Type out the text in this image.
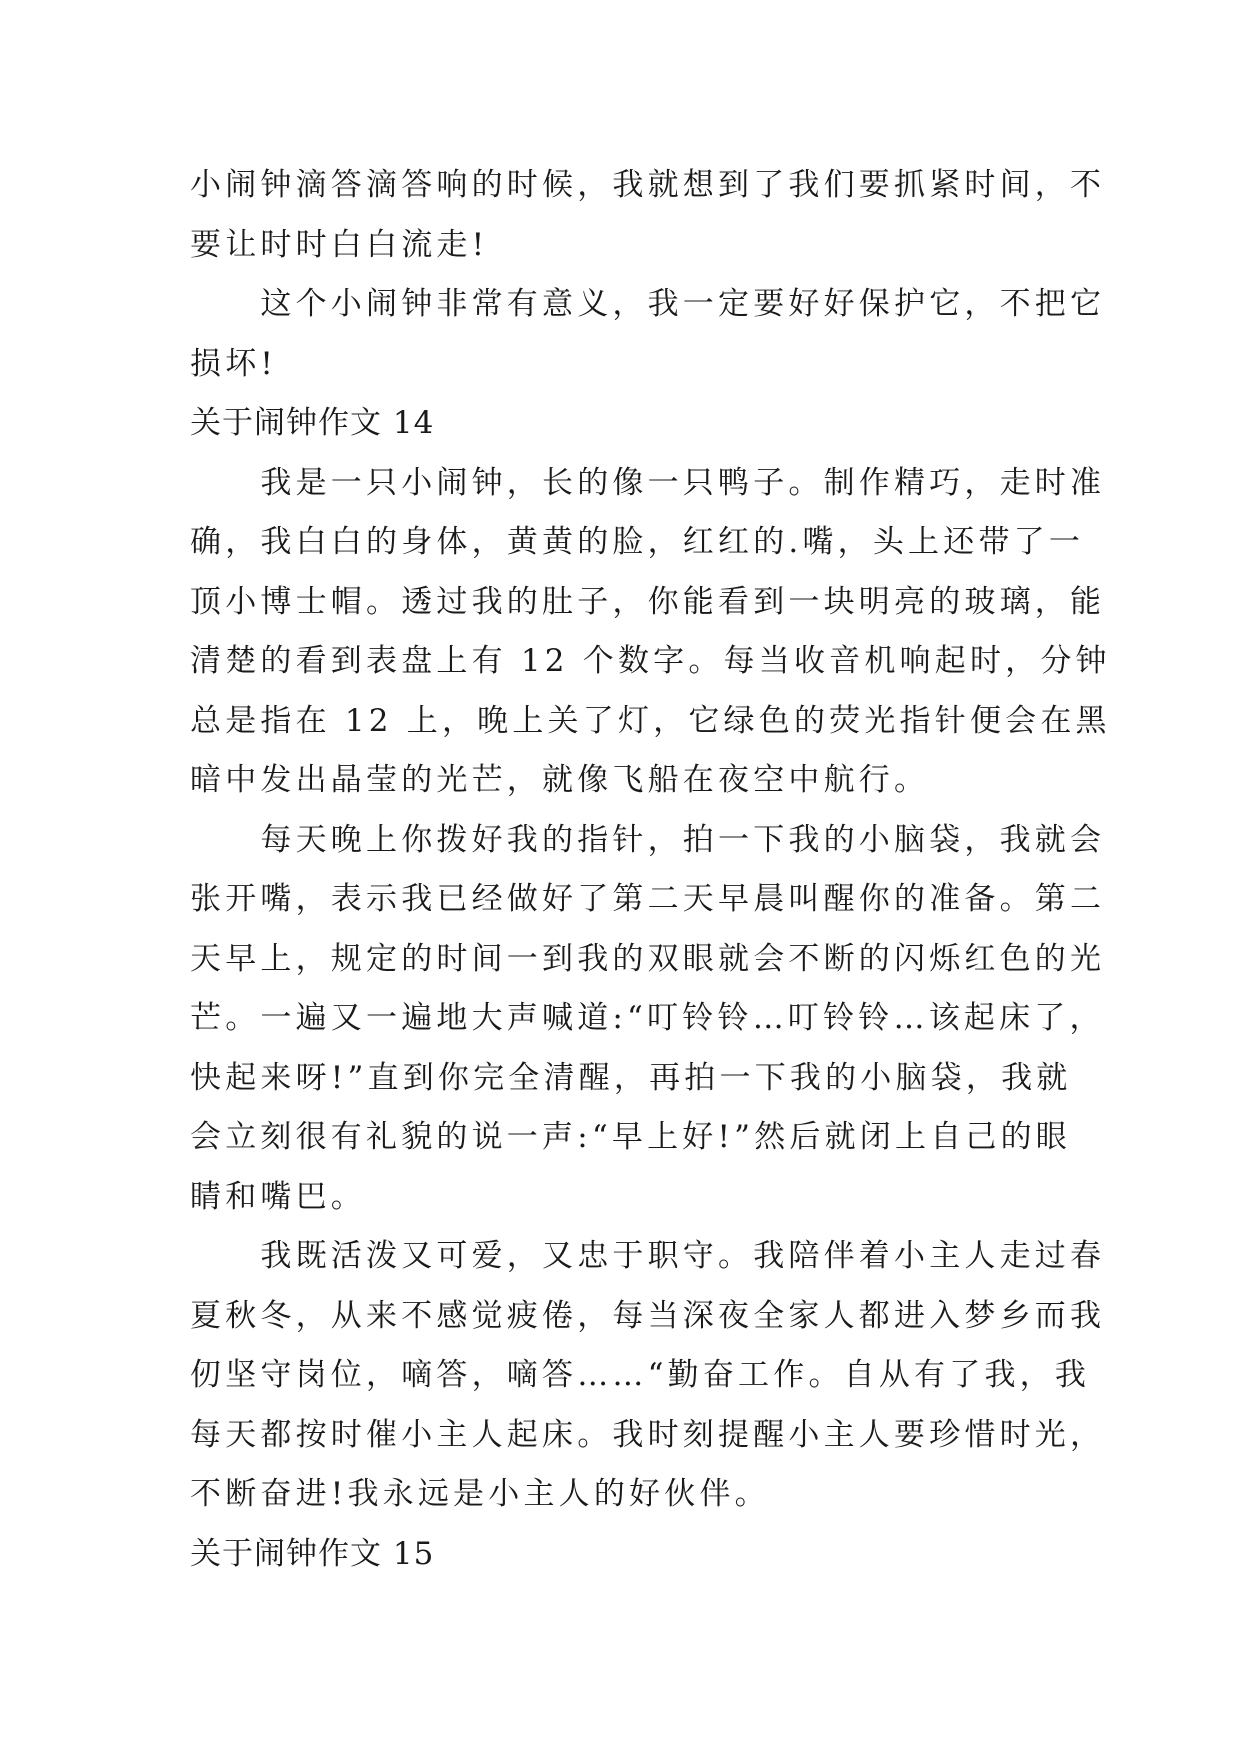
小闹钟滴答滴答响的时候，我就想到了我们要抓紧时间，不
要让时时白白流走!
　　这个小闹钟非常有意义，我一定要好好保护它，不把它
损坏!
关于闹钟作文 14
　　我是一只小闹钟，长的像一只鸭子。制作精巧，走时准
确，我白白的身体，黄黄的脸，红红的.嘴，头上还带了一
顶小博士帽。透过我的肚子，你能看到一块明亮的玻璃，能
清楚的看到表盘上有 12 个数字。每当收音机响起时，分钟
总是指在 12 上，晚上关了灯，它绿色的荧光指针便会在黑
暗中发出晶莹的光芒，就像飞船在夜空中航行。
　　每天晚上你拨好我的指针，拍一下我的小脑袋，我就会
张开嘴，表示我已经做好了第二天早晨叫醒你的准备。第二
天早上，规定的时间一到我的双眼就会不断的闪烁红色的光
芒。一遍又一遍地大声喊道:“叮铃铃…叮铃铃…该起床了，
快起来呀!”直到你完全清醒，再拍一下我的小脑袋，我就
会立刻很有礼貌的说一声:“早上好!”然后就闭上自己的眼
睛和嘴巴。
　　我既活泼又可爱，又忠于职守。我陪伴着小主人走过春
夏秋冬，从来不感觉疲倦，每当深夜全家人都进入梦乡而我
仞坚守岗位，嘀答，嘀答……“勤奋工作。自从有了我，我
每天都按时催小主人起床。我时刻提醒小主人要珍惜时光，
不断奋进!我永远是小主人的好伙伴。
关于闹钟作文 15
